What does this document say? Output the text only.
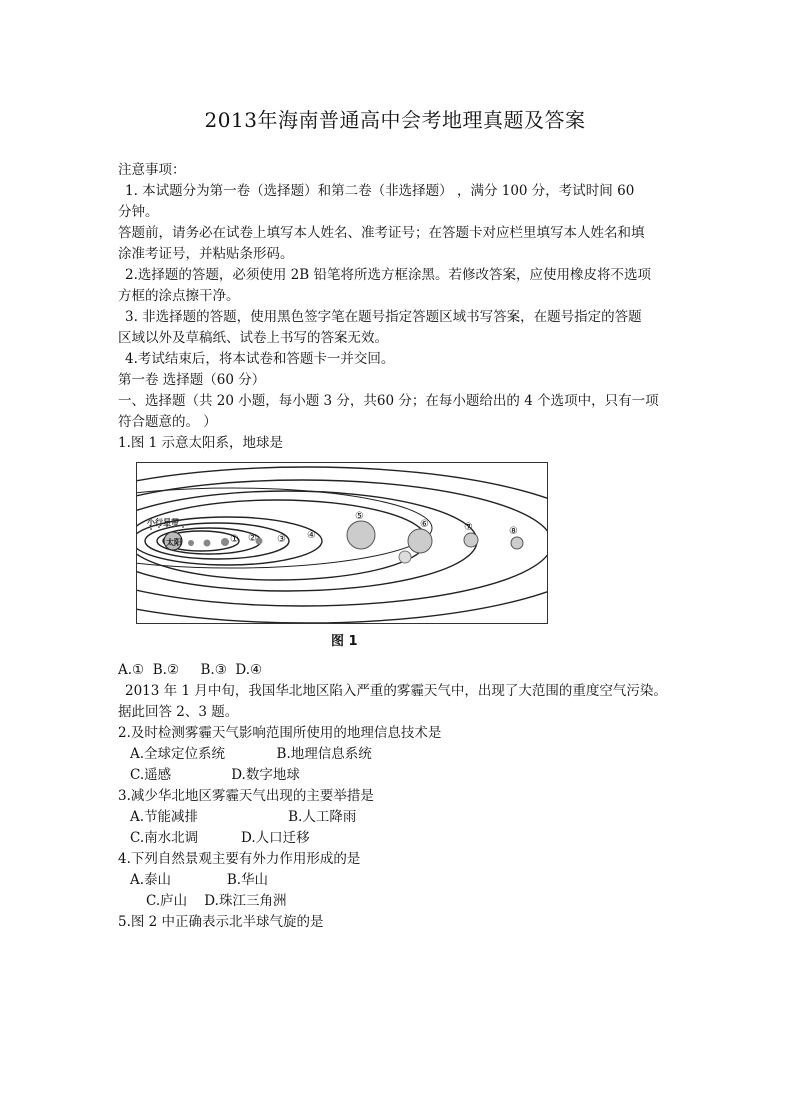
2013年海南普通高中会考地理真题及答案
注意事项：
1. 本试题分为第一卷（选择题）和第二卷（非选择题） ，满分 100 分，考试时间 60
分钟。
答题前，请务必在试卷上填写本人姓名、准考证号；在答题卡对应栏里填写本人姓名和填
涂准考证号，并粘贴条形码。
2.选择题的答题，必须使用 2B 铅笔将所选方框涂黑。若修改答案，应使用橡皮将不选项
方框的涂点擦干净。
3. 非选择题的答题，使用黑色签字笔在题号指定答题区域书写答案，在题号指定的答题
区域以外及草稿纸、试卷上书写的答案无效。
4.考试结束后，将本试卷和答题卡一并交回。
第一卷 选择题（60 分）
一、选择题（共 20 小题，每小题 3 分，共60 分；在每小题给出的 4 个选项中，只有一项
符合题意的。 ）
1.图 1 示意太阳系，地球是
小行星带
太阳	① ② ③ ④
⑤
⑥	⑦	⑧
图 1
A.①  B.②     B.③  D.④
2013 年 1 月中旬，我国华北地区陷入严重的雾霾天气中，出现了大范围的重度空气污染。
据此回答 2、3 题。
2.及时检测雾霾天气影响范围所使用的地理信息技术是
A.全球定位系统            B.地理信息系统
C.遥感              D.数字地球
3.减少华北地区雾霾天气出现的主要举措是
A.节能减排                     B.人工降雨
C.南水北调          D.人口迁移
4.下列自然景观主要有外力作用形成的是
A.泰山             B.华山
C.庐山    D.珠江三角洲
5.图 2 中正确表示北半球气旋的是
